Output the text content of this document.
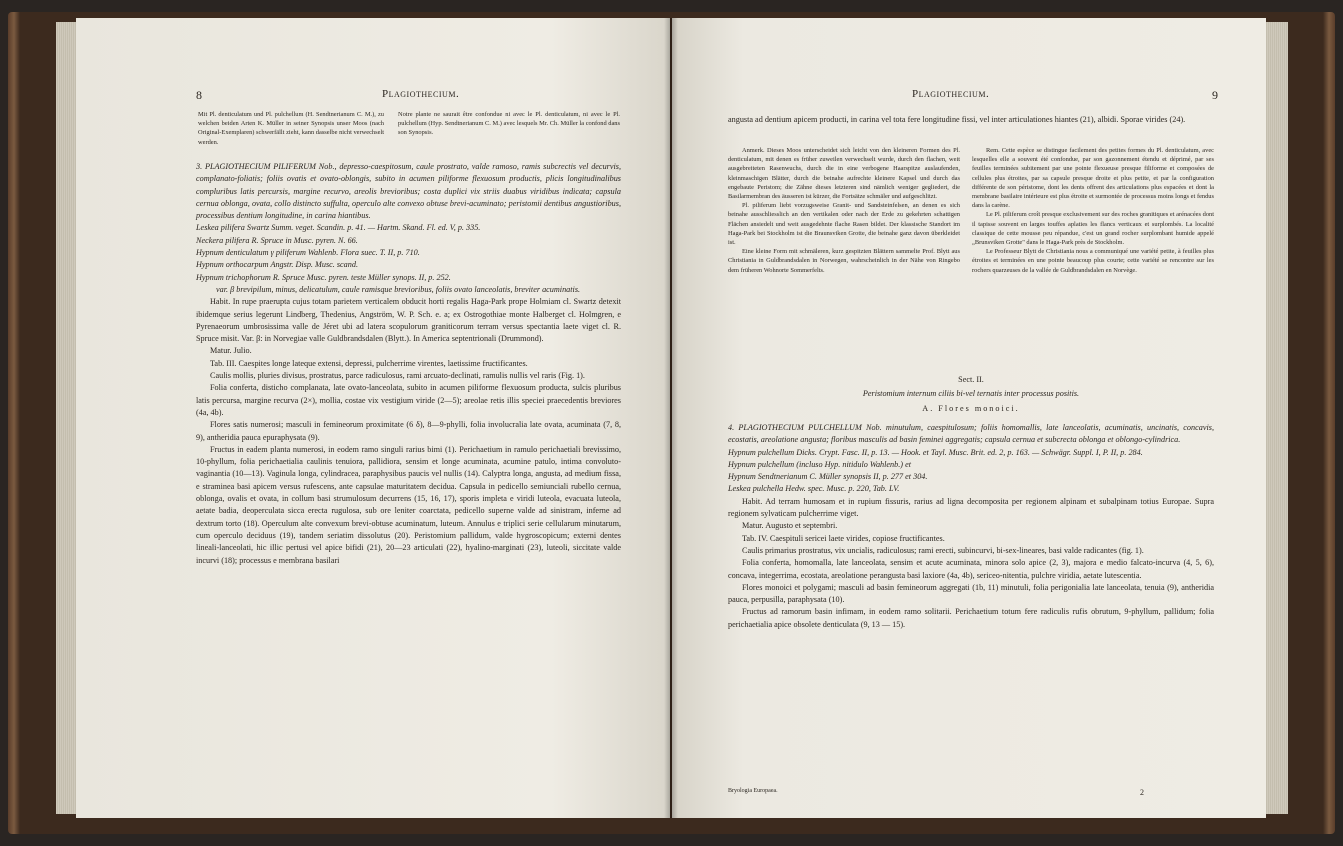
8	Plagiothecium.

Mit Pl. denticulatum und Pl. pulchellum (H. Sendtnerianum C. M.), zu welchen beiden Arten K. Müller in seiner Synopsis unser Moos (nach Original-Exemplaren) schwerfällt zieht, kann dasselbe nicht verwechselt werden.

Notre plante ne saurait être confondue ni avec le Pl. denticulatum, ni avec le Pl. pulchellum (Hyp. Sendtnerianum C. M.) avec lesquels Mr. Ch. Müller la confond dans son Synopsis.

3. PLAGIOTHECIUM PILIFERUM Nob., depresso-caespitosum, caule prostrato, valde ramoso, ramis subcrectis vel decurvis, complanato-foliatis; foliis ovatis et ovato-oblongis, subito in acumen piliforme flexuosum productis, plicis longitudinalibus compluribus latis percursis, margine recurvo, areolis brevioribus; costa duplici vix striis duabus viridibus indicata; capsula cernua oblonga, ovata, collo distincto suffulta, operculo alte convexo obtuse brevi-acuminato; peristomii dentibus angustioribus, processibus dentium longitudine, in carina hiantibus.

Leskea pilifera Swartz Summ. veget. Scandin. p. 41. — Hartm. Skand. Fl. ed. V, p. 335.

Neckera pilifera R. Spruce in Musc. pyren. N. 66.

Hypnum denticulatum γ piliferum Wahlenb. Flora suec. T. II, p. 710.

Hypnum orthocarpum Angstr. Disp. Musc. scand.

Hypnum trichophorum R. Spruce Musc. pyren. teste Müller synops. II, p. 252.

var. β brevipilum, minus, delicatulum, caule ramisque brevioribus, foliis ovato lanceolatis, breviter acuminatis.

Habit. In rupe praerupta cujus totam parietem verticalem obducit horti regalis Haga-Park prope Holmiam cl. Swartz detexit ibidemque serius legerunt Lindberg, Thedenius, Angström, W. P. Sch. e. a; ex Ostrogothiae monte Halberget cl. Holmgren, e Pyrenaeorum umbrosissima valle de Jéret ubi ad latera scopulorum graniticorum terram versus spectantia laete viget cl. R. Spruce misit. Var. β: in Norvegiae valle Guldbrandsdalen (Blytt.). In America septentrionali (Drummond).

Matur. Julio.

Tab. III. Caespites longe lateque extensi, depressi, pulcherrime virentes, laetissime fructificantes.

Caulis mollis, pluries divisus, prostratus, parce radiculosus, rami arcuato-declinati, ramulis nullis vel raris (Fig. 1).

Folia conferta, disticho complanata, late ovato-lanceolata, subito in acumen piliforme flexuosum producta, sulcis pluribus latis percursa, margine recurva (2×), mollia, costae vix vestigium viride (2—5); areolae retis illis speciei praecedentis breviores (4a, 4b).

Flores satis numerosi; masculi in femineorum proximitate (6 δ), 8—9-phylli, folia involucralia late ovata, acuminata (7, 8, 9), antheridia pauca epuraphysata (9).

Fructus in eadem planta numerosi, in eodem ramo singuli rarius bimi (1). Perichaetium in ramulo perichaetiali brevissimo, 10-phyllum, folia perichaetialia caulinis tenuiora, pallidiora, sensim et longe acuminata, acumine patulo, intima convoluto-vaginantia (10—13). Vaginula longa, cylindracea, paraphysibus paucis vel nullis (14). Calyptra longa, angusta, ad medium fissa, e straminea basi apicem versus rufescens, ante capsulae maturitatem decidua. Capsula in pedicello semiunciali rubello cernua, oblonga, ovalis et ovata, in collum basi strumulosum decurrens (15, 16, 17), sporis impleta e viridi luteola, evacuata luteola, aetate badia, deoperculata sicca erecta rugulosa, sub ore leniter coarctata, pedicello superne valde ad sinistram, inferne ad dextrum torto (18). Operculum alte convexum brevi-obtuse acuminatum, luteum. Annulus e triplici serie cellularum minutarum, cum operculo deciduus (19), tandem seriatim dissolutus (20). Peristomium pallidum, valde hygroscopicum; externi dentes lineali-lanceolati, hic illic pertusi vel apice bifidi (21), 20—23 articulati (22), hyalino-marginati (23), luteoli, siccitate valde incurvi (18); processus e membrana basilari

Plagiothecium.	9

angusta ad dentium apicem producti, in carina vel tota fere longitudine fissi, vel inter articulationes hiantes (21), albidi. Sporae virides (24).

Anmerk. Dieses Moos unterscheidet sich leicht von den kleineren Formen des Pl. denticulatum, mit denen es früher zuweilen verwechselt wurde, durch den flachen, weit ausgebreiteten Rasenwuchs, durch die in eine verbogene Haarspitze auslaufenden, kleinmaschigen Blätter, durch die beinahe aufrechte kleinere Kapsel und durch das engebaute Peristom; die Zähne dieses letzteren sind nämlich weniger gegliedert, die Basilarmembran des äusseren ist kürzer, die Fortsätze schmäler und aufgeschlitzt.

Pl. piliferum liebt vorzugsweise Granit- und Sandsteinfelsen, an denen es sich beinahe ausschliesslich an den vertikalen oder nach der Erde zu gekehrten schattigen Flächen ansiedelt und weit ausgedehnte flache Rasen bildet. Der klassische Standort im Haga-Park bei Stockholm ist die Braunsviken Grotte, die beinahe ganz davon überkleidet ist.

Eine kleine Form mit schmäleren, kurz gespitzten Blättern sammelte Prof. Blytt aus Christiania in Guldbrandsdalen in Norwegen, wahrscheinlich in der Nähe von Ringebo dem früheren Wohnorte Sommerfelts.

Rem. Cette espèce se distingue facilement des petites formes du Pl. denticulatum, avec lesquelles elle a souvent été confondue, par son gazonnement étendu et déprimé, par ses feuilles terminées subitement par une pointe flexueuse presque filiforme et composées de cellules plus étroites, par sa capsule presque droite et plus petite, et par la configuration différente de son péristome, dont les dents offrent des articulations plus espacées et dont la membrane basilaire intérieure est plus étroite et surmontée de processus moins longs et fendus dans la carène.

Le Pl. piliferum croît presque exclusivement sur des roches granitiques et arénacées dont il tapisse souvent en larges touffes aplaties les flancs verticaux et surplombés. La localité classique de cette mousse peu répandue, c'est un grand rocher surplombant humide appelé „Brunsviken Grotte" dans le Haga-Park près de Stockholm.

Le Professeur Blytt de Christiania nous a communiqué une variété petite, à feuilles plus étroites et terminées en une pointe beaucoup plus courte; cette variété se rencontre sur les rochers quarzeuses de la vallée de Guldbrandsdalen en Norvège.

Sect. II.
Peristomium internum ciliis bi-vel ternatis inter processus positis.
A. Flores monoici.

4. PLAGIOTHECIUM PULCHELLUM Nob. minutulum, caespitulosum; foliis homomallis, late lanceolatis, acuminatis, uncinatis, concavis, ecostatis, areolatione angusta; floribus masculis ad basin feminei aggregatis; capsula cernua et subcrecta oblonga et oblongo-cylindrica.

Hypnum pulchellum Dicks. Crypt. Fasc. II, p. 13. — Hook. et Tayl. Musc. Brit. ed. 2, p. 163. — Schwägr. Suppl. I, P. II, p. 284.

Hypnum pulchellum (incluso Hyp. nitidulo Wahlenb.) et

Hypnum Sendtnerianum C. Müller synopsis II, p. 277 et 304.

Leskea pulchella Hedw. spec. Musc. p. 220, Tab. LV.

Habit. Ad terram humosam et in rupium fissuris, rarius ad ligna decomposita per regionem alpinam et subalpinam totius Europae. Supra regionem sylvaticam pulcherrime viget.

Matur. Augusto et septembri.

Tab. IV. Caespituli sericei laete virides, copiose fructificantes.

Caulis primarius prostratus, vix uncialis, radiculosus; rami erecti, subincurvi, bi-sex-lineares, basi valde radicantes (fig. 1).

Folia conferta, homomalla, late lanceolata, sensim et acute acuminata, minora solo apice (2, 3), majora e medio falcato-incurva (4, 5, 6), concava, integerrima, ecostata, areolatione perangusta basi laxiore (4a, 4b), sericeo-nitentia, pulchre viridia, aetate lutescentia.

Flores monoici et polygami; masculi ad basin femineorum aggregati (1b, 11) minutuli, folia perigonialia late lanceolata, tenuia (9), antheridia pauca, perpusilla, paraphysata (10).

Fructus ad ramorum basin infimam, in eodem ramo solitarii. Perichaetium totum fere radiculis rufis obrutum, 9-phyllum, pallidum; folia perichaetialia apice obsolete denticulata (9, 13 — 15).

Bryologia Europaea.	2
